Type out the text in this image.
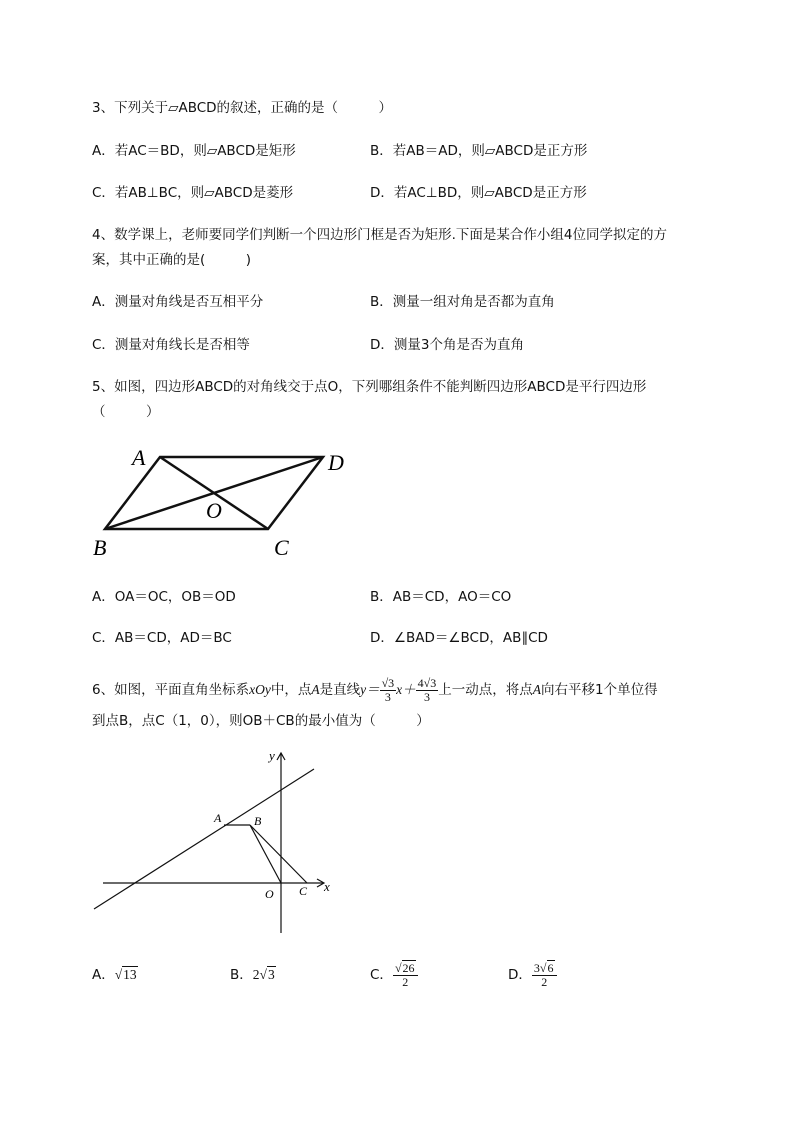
3、下列关于▱ABCD的叙述，正确的是（　　　）
A．若AC＝BD，则▱ABCD是矩形	B．若AB＝AD，则▱ABCD是正方形
C．若AB⊥BC，则▱ABCD是菱形	D．若AC⊥BD，则▱ABCD是正方形
4、数学课上，老师要同学们判断一个四边形门框是否为矩形.下面是某合作小组4位同学拟定的方
案，其中正确的是(　　　)
A．测量对角线是否互相平分	B．测量一组对角是否都为直角
C．测量对角线长是否相等	D．测量3个角是否为直角
5、如图，四边形ABCD的对角线交于点O，下列哪组条件不能判断四边形ABCD是平行四边形
（　　　）
A	D
O
B	C
A．OA＝OC，OB＝OD	B．AB＝CD，AO＝CO
C．AB＝CD，AD＝BC	D．∠BAD＝∠BCD，AB∥CD
6、如图，平面直角坐标系xOy中，点A是直线$y= \frac{√3}{3} x+ \frac{4√3}{3}$ 上一动点，将点A向右平移1个单位得
到点B，点C（1，0），则OB＋CB的最小值为（　　　）
y
x
A	B
O C
A．√13	B．2√3	C． $\frac{√26}{2}$	D． $\frac{3√6}{2}$
